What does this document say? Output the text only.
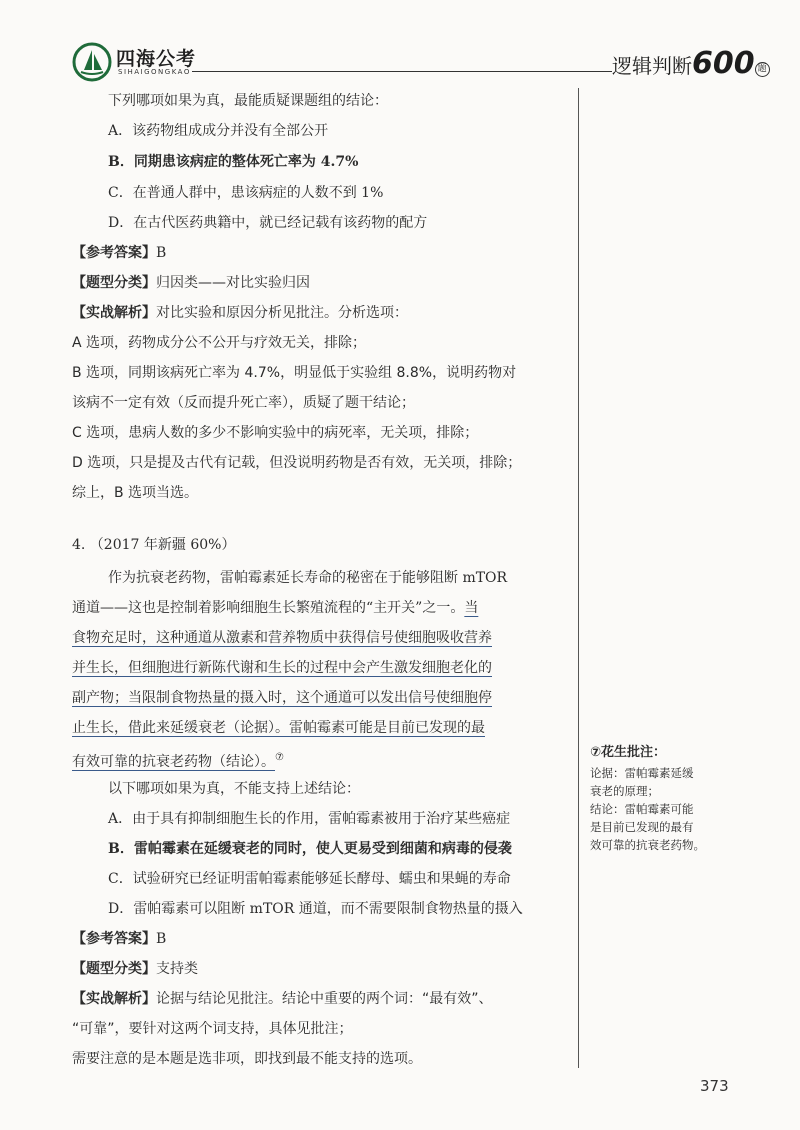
四海公考
SIHAIGONGKAO	逻辑判断600 题
下列哪项如果为真，最能质疑课题组的结论：
A．该药物组成成分并没有全部公开
B．同期患该病症的整体死亡率为 4.7%
C．在普通人群中，患该病症的人数不到 1%
D．在古代医药典籍中，就已经记载有该药物的配方
【参考答案】B
【题型分类】归因类——对比实验归因
【实战解析】对比实验和原因分析见批注。分析选项：
A 选项，药物成分公不公开与疗效无关，排除；
B 选项，同期该病死亡率为 4.7%，明显低于实验组 8.8%，说明药物对
该病不一定有效（反而提升死亡率），质疑了题干结论；
C 选项，患病人数的多少不影响实验中的病死率，无关项，排除；
D 选项，只是提及古代有记载，但没说明药物是否有效，无关项，排除；
综上，B 选项当选。
4. （2017 年新疆 60%）
作为抗衰老药物，雷帕霉素延长寿命的秘密在于能够阻断 mTOR
通道——这也是控制着影响细胞生长繁殖流程的“主开关”之一。当
食物充足时，这种通道从激素和营养物质中获得信号使细胞吸收营养
并生长，但细胞进行新陈代谢和生长的过程中会产生激发细胞老化的
副产物；当限制食物热量的摄入时，这个通道可以发出信号使细胞停
止生长，借此来延缓衰老（论据）。雷帕霉素可能是目前已发现的最
有效可靠的抗衰老药物（结论）。⑦
以下哪项如果为真，不能支持上述结论：
A．由于具有抑制细胞生长的作用，雷帕霉素被用于治疗某些癌症
B．雷帕霉素在延缓衰老的同时，使人更易受到细菌和病毒的侵袭
C．试验研究已经证明雷帕霉素能够延长酵母、蠕虫和果蝇的寿命
D．雷帕霉素可以阻断 mTOR 通道，而不需要限制食物热量的摄入
【参考答案】B
【题型分类】支持类
【实战解析】论据与结论见批注。结论中重要的两个词：“最有效”、
“可靠”，要针对这两个词支持，具体见批注；
需要注意的是本题是选非项，即找到最不能支持的选项。
⑦花生批注：

论据：雷帕霉素延缓

衰老的原理；

结论：雷帕霉素可能

是目前已发现的最有

效可靠的抗衰老药物。

373
